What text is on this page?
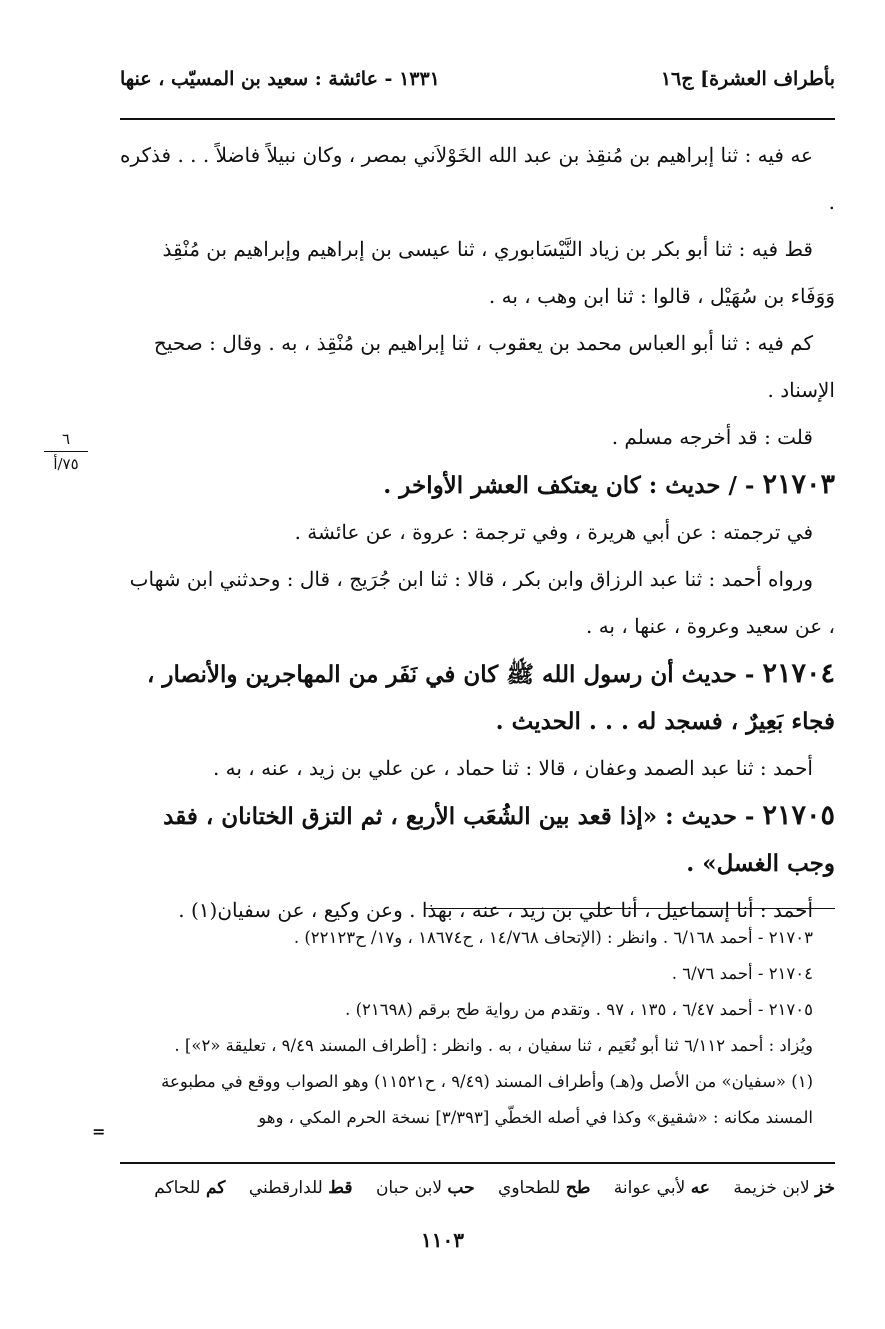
بأطراف العشرة] ج١٦
١٣٣١ - عائشة : سعيد بن المسيّب ، عنها
٦
٧٥/أ

عه فيه : ثنا إبراهيم بن مُنقِذ بن عبد الله الخَوْلاَني بمصر ، وكان نبيلاً فاضلاً . . . فذكره .

قط فيه : ثنا أبو بكر بن زياد النَّيْسَابوري ، ثنا عيسى بن إبراهيم وإبراهيم بن مُنْقِذ وَوَفَاء بن سُهَيْل ، قالوا : ثنا ابن وهب ، به .

كم فيه : ثنا أبو العباس محمد بن يعقوب ، ثنا إبراهيم بن مُنْقِذ ، به . وقال : صحيح الإسناد .

قلت : قد أخرجه مسلم .

٢١٧٠٣ - / حديث : كان يعتكف العشر الأواخر .

في ترجمته : عن أبي هريرة ، وفي ترجمة : عروة ، عن عائشة .

ورواه أحمد : ثنا عبد الرزاق وابن بكر ، قالا : ثنا ابن جُرَيج ، قال : وحدثني ابن شهاب ، عن سعيد وعروة ، عنها ، به .

٢١٧٠٤ - حديث أن رسول الله ﷺ كان في نَفَر من المهاجرين والأنصار ، فجاء بَعِيرٌ ، فسجد له . . . الحديث .

أحمد : ثنا عبد الصمد وعفان ، قالا : ثنا حماد ، عن علي بن زيد ، عنه ، به .

٢١٧٠٥ - حديث : «إذا قعد بين الشُعَب الأربع ، ثم التزق الختانان ، فقد وجب الغسل» .

أحمد : أنا إسماعيل ، أنا علي بن زيد ، عنه ، بهذا . وعن وكيع ، عن سفيان(١) .

٢١٧٠٣ - أحمد ٦/١٦٨ . وانظر : (الإتحاف ١٤/٧٦٨ ، ح١٨٦٧٤ ، و١٧/ ح٢٢١٢٣) .

٢١٧٠٤ - أحمد ٦/٧٦ .

٢١٧٠٥ - أحمد ٦/٤٧ ، ١٣٥ ، ٩٧ . وتقدم من رواية طح برقم (٢١٦٩٨) .

ويُزاد : أحمد ٦/١١٢ ثنا أبو نُعَيم ، ثنا سفيان ، به . وانظر : [أطراف المسند ٩/٤٩ ، تعليقة «٢»] .

(١) «سفيان» من الأصل و(هـ) وأطراف المسند (٩/٤٩ ، ح١١٥٢١) وهو الصواب ووقع في مطبوعة المسند مكانه : «شقيق» وكذا في أصله الخطّي [٣/٣٩٣] نسخة الحرم المكي ، وهو

=
خز لابن خزيمة عه لأبي عوانة طح للطحاوي حب لابن حبان قط للدارقطني كم للحاكم
١١٠٣
